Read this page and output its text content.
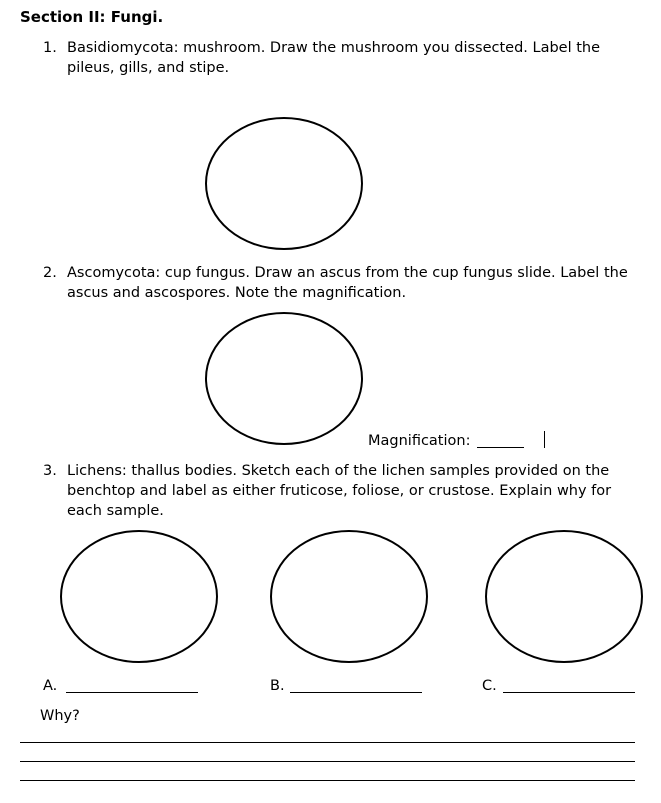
Section II: Fungi.
1. Basidiomycota: mushroom. Draw the mushroom you dissected. Label the pileus, gills, and stipe.
2. Ascomycota: cup fungus. Draw an ascus from the cup fungus slide. Label the ascus and ascospores. Note the magnification.
Magnification:
3. Lichens: thallus bodies. Sketch each of the lichen samples provided on the benchtop and label as either fruticose, foliose, or crustose. Explain why for each sample.
A.	B.	C.
Why?
